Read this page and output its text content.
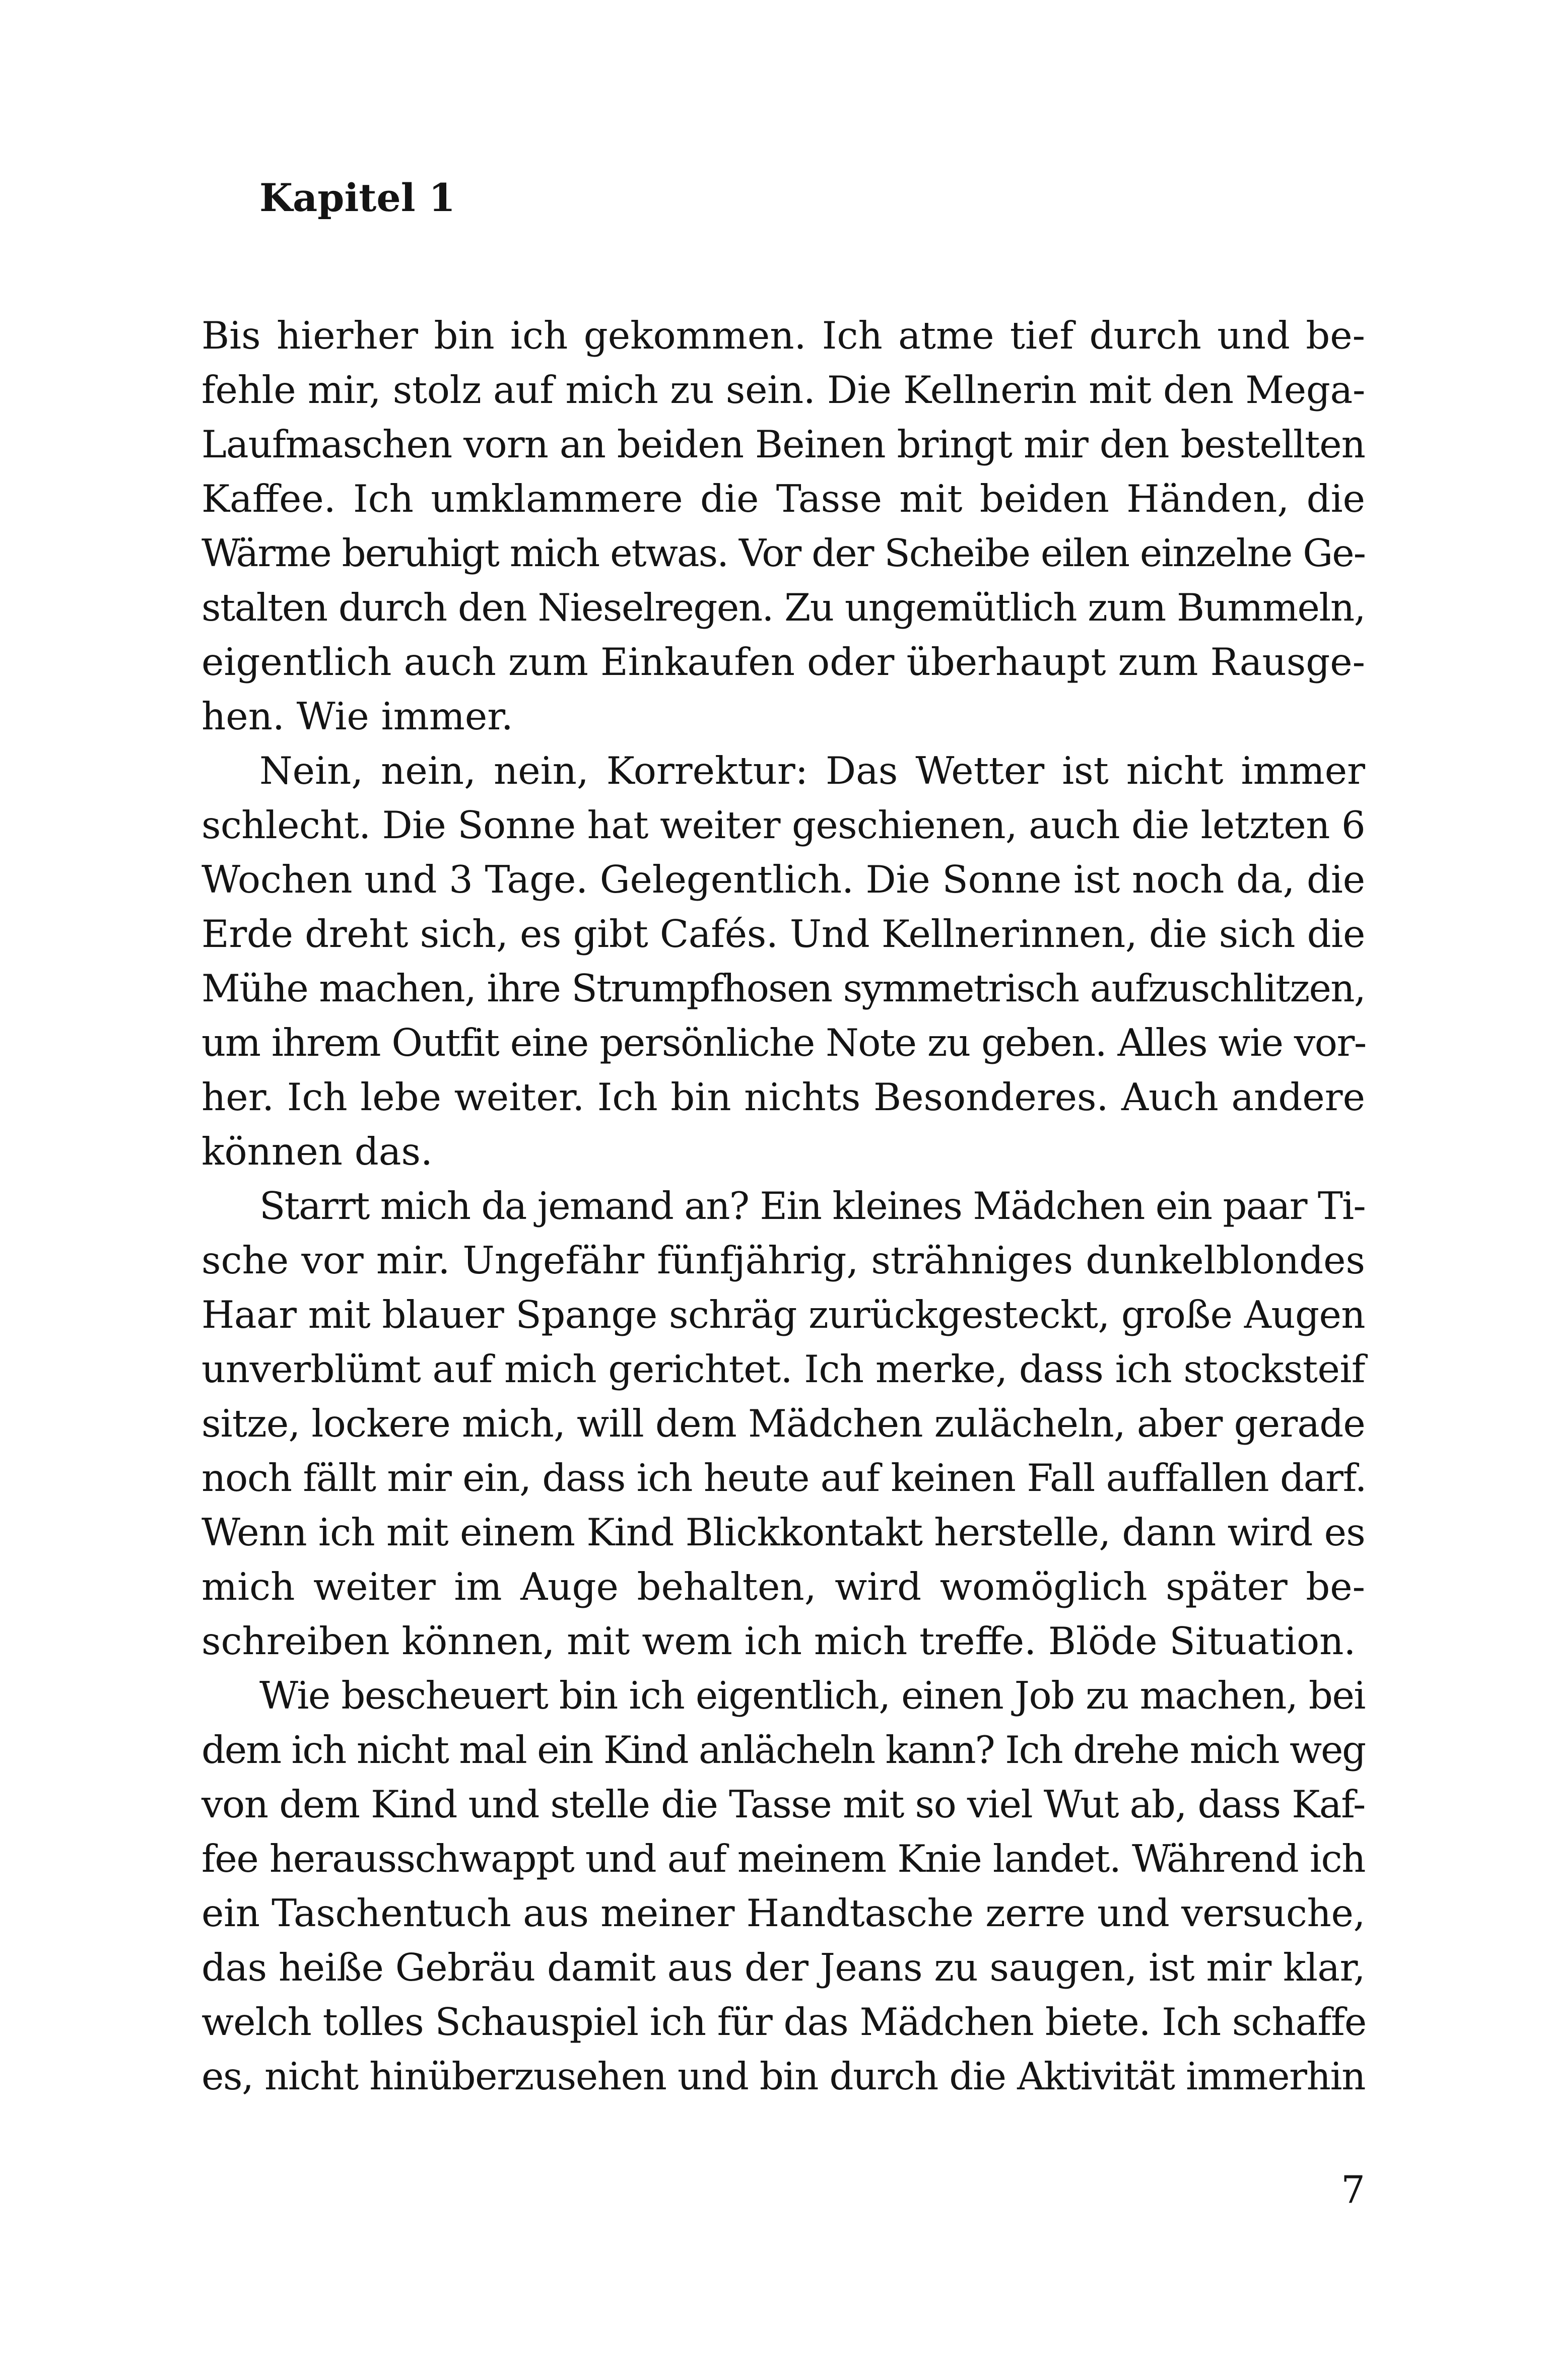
Kapitel 1
Bis hierher bin ich gekommen. Ich atme tief durch und be-
fehle mir, stolz auf mich zu sein. Die Kellnerin mit den Mega-
Laufmaschen vorn an beiden Beinen bringt mir den bestellten
Kaffee. Ich umklammere die Tasse mit beiden Händen, die
Wärme beruhigt mich etwas. Vor der Scheibe eilen einzelne Ge-
stalten durch den Nieselregen. Zu ungemütlich zum Bummeln,
eigentlich auch zum Einkaufen oder überhaupt zum Rausge-
hen. Wie immer.
Nein, nein, nein, Korrektur: Das Wetter ist nicht immer
schlecht. Die Sonne hat weiter geschienen, auch die letzten 6
Wochen und 3 Tage. Gelegentlich. Die Sonne ist noch da, die
Erde dreht sich, es gibt Cafés. Und Kellnerinnen, die sich die
Mühe machen, ihre Strumpfhosen symmetrisch aufzuschlitzen,
um ihrem Outfit eine persönliche Note zu geben. Alles wie vor-
her. Ich lebe weiter. Ich bin nichts Besonderes. Auch andere
können das.
Starrt mich da jemand an? Ein kleines Mädchen ein paar Ti-
sche vor mir. Ungefähr fünfjährig, strähniges dunkelblondes
Haar mit blauer Spange schräg zurückgesteckt, große Augen
unverblümt auf mich gerichtet. Ich merke, dass ich stocksteif
sitze, lockere mich, will dem Mädchen zulächeln, aber gerade
noch fällt mir ein, dass ich heute auf keinen Fall auffallen darf.
Wenn ich mit einem Kind Blickkontakt herstelle, dann wird es
mich weiter im Auge behalten, wird womöglich später be-
schreiben können, mit wem ich mich treffe. Blöde Situation.
Wie bescheuert bin ich eigentlich, einen Job zu machen, bei
dem ich nicht mal ein Kind anlächeln kann? Ich drehe mich weg
von dem Kind und stelle die Tasse mit so viel Wut ab, dass Kaf-
fee herausschwappt und auf meinem Knie landet. Während ich
ein Taschentuch aus meiner Handtasche zerre und versuche,
das heiße Gebräu damit aus der Jeans zu saugen, ist mir klar,
welch tolles Schauspiel ich für das Mädchen biete. Ich schaffe
es, nicht hinüberzusehen und bin durch die Aktivität immerhin
7
